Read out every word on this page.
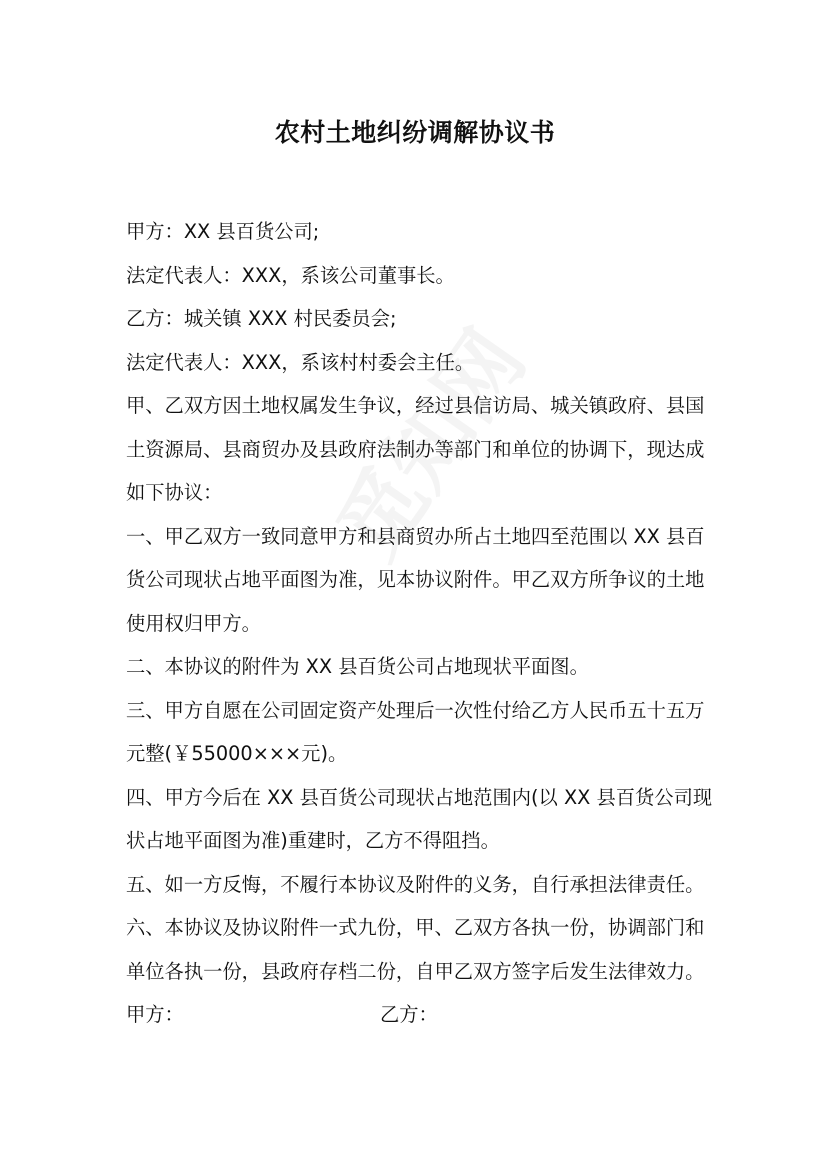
农村土地纠纷调解协议书
甲方：XX 县百货公司;
法定代表人：XXX，系该公司董事长。
乙方：城关镇 XXX 村民委员会;
法定代表人：XXX，系该村村委会主任。
甲、乙双方因土地权属发生争议，经过县信访局、城关镇政府、县国
土资源局、县商贸办及县政府法制办等部门和单位的协调下，现达成
如下协议：
一、甲乙双方一致同意甲方和县商贸办所占土地四至范围以 XX 县百
货公司现状占地平面图为准，见本协议附件。甲乙双方所争议的土地
使用权归甲方。
二、本协议的附件为 XX 县百货公司占地现状平面图。
三、甲方自愿在公司固定资产处理后一次性付给乙方人民币五十五万
元整(￥55000×××元)。
四、甲方今后在 XX 县百货公司现状占地范围内(以 XX 县百货公司现
状占地平面图为准)重建时，乙方不得阻挡。
五、如一方反悔，不履行本协议及附件的义务，自行承担法律责任。
六、本协议及协议附件一式九份，甲、乙双方各执一份，协调部门和
单位各执一份，县政府存档二份，自甲乙双方签字后发生法律效力。
甲方：	乙方：
